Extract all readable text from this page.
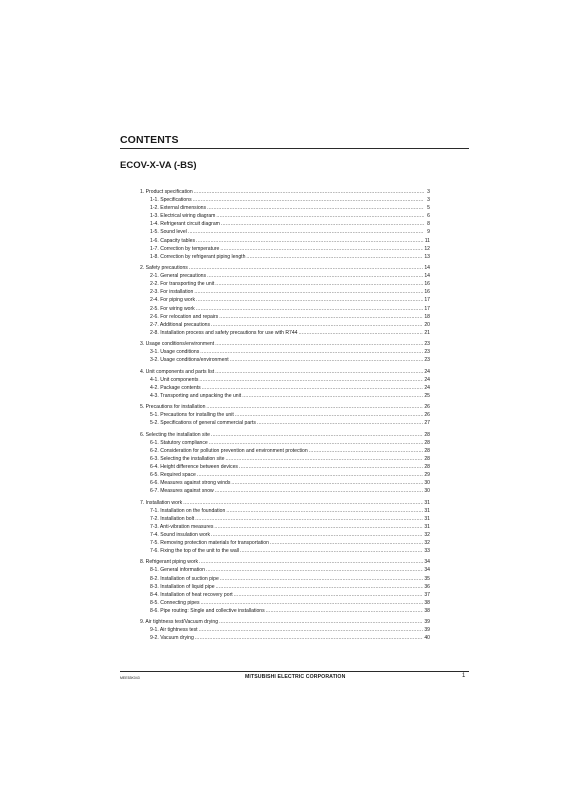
CONTENTS
ECOV-X-VA (-BS)
1. Product specification .....	3
1-1. Specifications .....	3
1-2. External dimensions .....	5
1-3. Electrical wiring diagram .....	6
1-4. Refrigerant circuit diagram .....	8
1-5. Sound level .....	9
1-6. Capacity tables .....	11
1-7. Correction by temperature .....	12
1-8. Correction by refrigerant piping length .....	13
2. Safety precautions .....	14
2-1. General precautions .....	14
2-2. For transporting the unit .....	16
2-3. For installation .....	16
2-4. For piping work .....	17
2-5. For wiring work .....	17
2-6. For relocation and repairs .....	18
2-7. Additional precautions .....	20
2-8. Installation process and safety precautions for use with R744 .....	21
3. Usage conditions/environment .....	23
3-1. Usage conditions .....	23
3-2. Usage conditions/environment .....	23
4. Unit components and parts list .....	24
4-1. Unit components .....	24
4-2. Package contents .....	24
4-3. Transporting and unpacking the unit .....	25
5. Precautions for installation .....	26
5-1. Precautions for installing the unit .....	26
5-2. Specifications of general commercial parts .....	27
6. Selecting the installation site .....	28
6-1. Statutory compliance .....	28
6-2. Consideration for pollution prevention and environment protection .....	28
6-3. Selecting the installation site .....	28
6-4. Height difference between devices .....	28
6-5. Required space .....	29
6-6. Measures against strong winds .....	30
6-7. Measures against snow .....	30
7. Installation work .....	31
7-1. Installation on the foundation .....	31
7-2. Installation bolt .....	31
7-3. Anti-vibration measures .....	31
7-4. Sound insulation work .....	32
7-5. Removing protection materials for transportation .....	32
7-6. Fixing the top of the unit to the wall .....	33
8. Refrigerant piping work .....	34
8-1. General information .....	34
8-2. Installation of suction pipe .....	35
8-3. Installation of liquid pipe .....	36
8-4. Installation of heat recovery port .....	37
8-5. Connecting pipes .....	38
8-6. Pipe routing: Single and collective installations .....	38
9. Air tightness test/Vacuum drying .....	39
9-1. Air tightness test .....	39
9-2. Vacuum drying .....	40
MEE53K043	MITSUBISHI ELECTRIC CORPORATION	1
